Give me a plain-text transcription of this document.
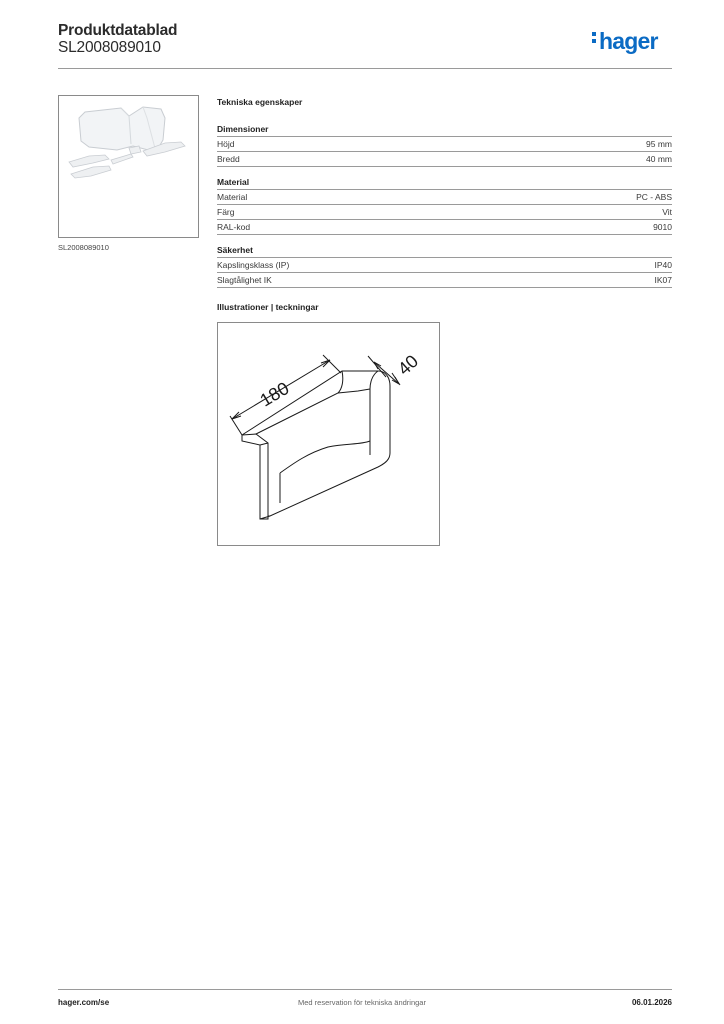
Produktdatablad
SL2008089010	hager
SL2008089010
Tekniska egenskaper
Dimensioner
Höjd	95 mm
Bredd	40 mm
Material
Material	PC - ABS
Färg	Vit
RAL-kod	9010
Säkerhet
Kapslingsklass (IP)	IP40
Slagtålighet IK	IK07
Illustrationer | teckningar
180
40
hager.com/se	Med reservation för tekniska ändringar	06.01.2026
